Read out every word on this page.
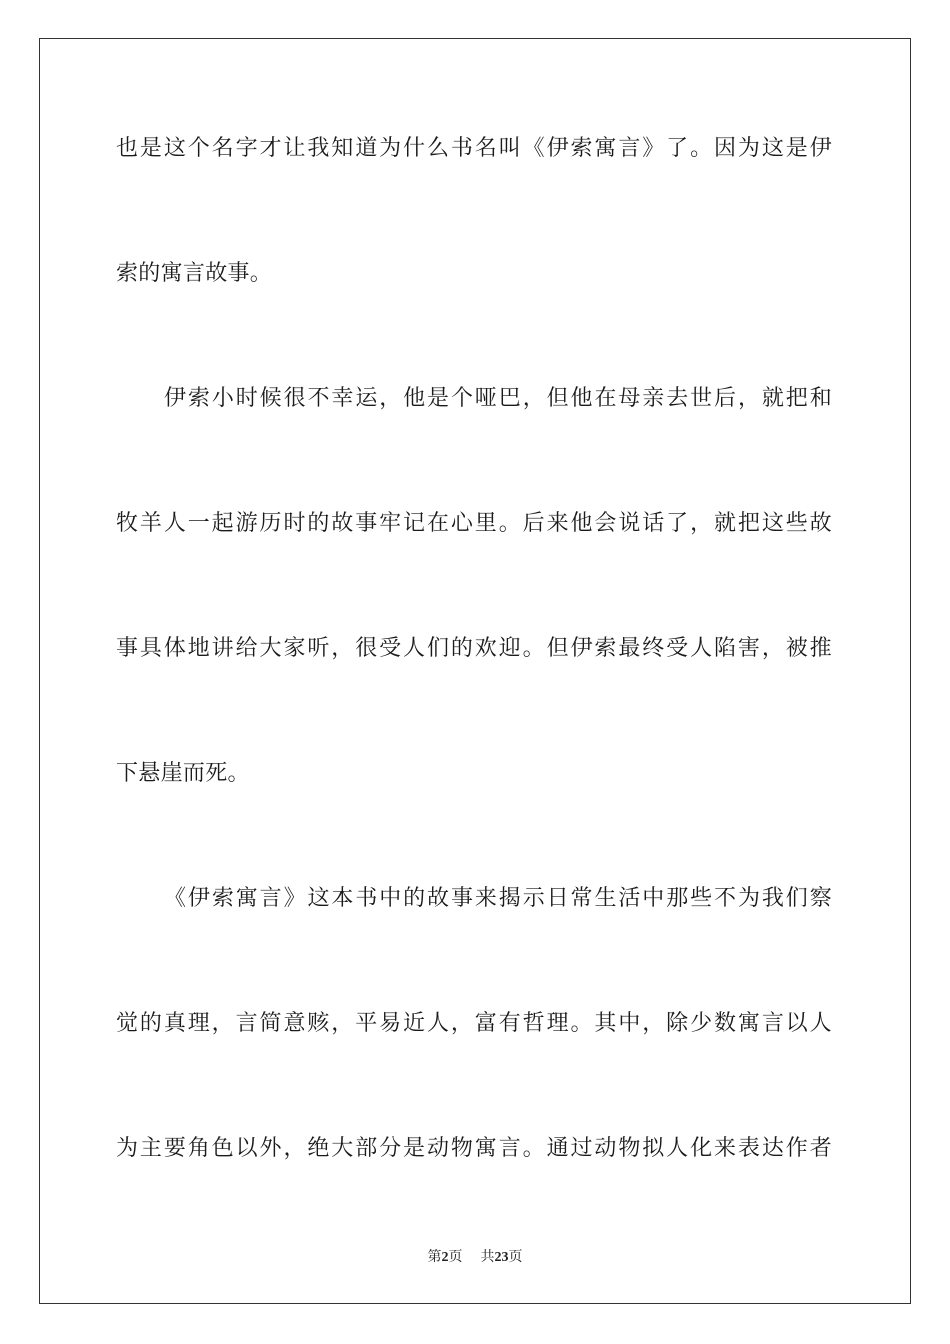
也是这个名字才让我知道为什么书名叫《伊索寓言》了。因为这是伊
索的寓言故事。
伊索小时候很不幸运，他是个哑巴，但他在母亲去世后，就把和
牧羊人一起游历时的故事牢记在心里。后来他会说话了，就把这些故
事具体地讲给大家听，很受人们的欢迎。但伊索最终受人陷害，被推
下悬崖而死。
《伊索寓言》这本书中的故事来揭示日常生活中那些不为我们察
觉的真理，言简意赅，平易近人，富有哲理。其中，除少数寓言以人
为主要角色以外，绝大部分是动物寓言。通过动物拟人化来表达作者
第2页 共23页
